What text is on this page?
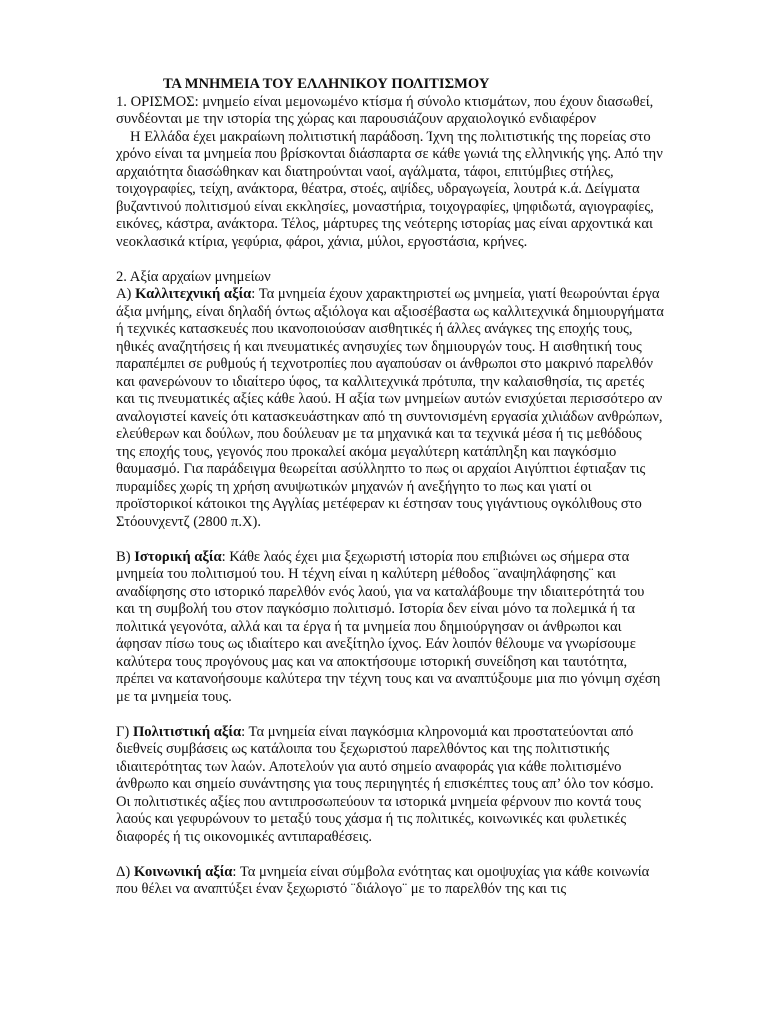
ΤΑ ΜΝΗΜΕΙΑ ΤΟΥ ΕΛΛΗΝΙΚΟΥ ΠΟΛΙΤΙΣΜΟΥ

1. ΟΡΙΣΜΟΣ: μνημείο είναι μεμονωμένο κτίσμα ή σύνολο κτισμάτων, που έχουν διασωθεί, συνδέονται με την ιστορία της χώρας και παρουσιάζουν αρχαιολογικό ενδιαφέρον

Η Ελλάδα έχει μακραίωνη πολιτιστική παράδοση. Ίχνη της πολιτιστικής της πορείας στο χρόνο είναι τα μνημεία που βρίσκονται διάσπαρτα σε κάθε γωνιά της ελληνικής γης. Από την αρχαιότητα διασώθηκαν και διατηρούνται ναοί, αγάλματα, τάφοι, επιτύμβιες στήλες, τοιχογραφίες, τείχη, ανάκτορα, θέατρα, στοές, αψίδες, υδραγωγεία, λουτρά κ.ά. Δείγματα βυζαντινού πολιτισμού είναι εκκλησίες, μοναστήρια, τοιχογραφίες, ψηφιδωτά, αγιογραφίες, εικόνες, κάστρα, ανάκτορα. Τέλος, μάρτυρες της νεότερης ιστορίας μας είναι αρχοντικά και νεοκλασικά κτίρια, γεφύρια, φάροι, χάνια, μύλοι, εργοστάσια, κρήνες.

2. Αξία αρχαίων μνημείων

Α) Καλλιτεχνική αξία: Τα μνημεία έχουν χαρακτηριστεί ως μνημεία, γιατί θεωρούνται έργα άξια μνήμης, είναι δηλαδή όντως αξιόλογα και αξιοσέβαστα ως καλλιτεχνικά δημιουργήματα ή τεχνικές κατασκευές που ικανοποιούσαν αισθητικές ή άλλες ανάγκες της εποχής τους, ηθικές αναζητήσεις ή και πνευματικές ανησυχίες των δημιουργών τους. Η αισθητική τους παραπέμπει σε ρυθμούς ή τεχνοτροπίες που αγαπούσαν οι άνθρωποι στο μακρινό παρελθόν και φανερώνουν το ιδιαίτερο ύφος, τα καλλιτεχνικά πρότυπα, την καλαισθησία, τις αρετές και τις πνευματικές αξίες κάθε λαού. Η αξία των μνημείων αυτών ενισχύεται περισσότερο αν αναλογιστεί κανείς ότι κατασκευάστηκαν από τη συντονισμένη εργασία χιλιάδων ανθρώπων, ελεύθερων και δούλων, που δούλευαν με τα μηχανικά και τα τεχνικά μέσα ή τις μεθόδους της εποχής τους, γεγονός που προκαλεί ακόμα μεγαλύτερη κατάπληξη και παγκόσμιο θαυμασμό. Για παράδειγμα θεωρείται ασύλληπτο το πως οι αρχαίοι Αιγύπτιοι έφτιαξαν τις πυραμίδες χωρίς τη χρήση ανυψωτικών μηχανών ή ανεξήγητο το πως και γιατί οι προϊστορικοί κάτοικοι της Αγγλίας μετέφεραν κι έστησαν τους γιγάντιους ογκόλιθους στο Στόουνχεντζ (2800 π.Χ).

Β) Ιστορική αξία: Κάθε λαός έχει μια ξεχωριστή ιστορία που επιβιώνει ως σήμερα στα μνημεία του πολιτισμού του. Η τέχνη είναι η καλύτερη μέθοδος ¨αναψηλάφησης¨ και αναδίφησης στο ιστορικό παρελθόν ενός λαού, για να καταλάβουμε την ιδιαιτερότητά του και τη συμβολή του στον παγκόσμιο πολιτισμό. Ιστορία δεν είναι μόνο τα πολεμικά ή τα πολιτικά γεγονότα, αλλά και τα έργα ή τα μνημεία που δημιούργησαν οι άνθρωποι και άφησαν πίσω τους ως ιδιαίτερο και ανεξίτηλο ίχνος. Εάν λοιπόν θέλουμε να γνωρίσουμε καλύτερα τους προγόνους μας και να αποκτήσουμε ιστορική συνείδηση και ταυτότητα, πρέπει να κατανοήσουμε καλύτερα την τέχνη τους και να αναπτύξουμε μια πιο γόνιμη σχέση με τα μνημεία τους.

Γ) Πολιτιστική αξία: Τα μνημεία είναι παγκόσμια κληρονομιά και προστατεύονται από διεθνείς συμβάσεις ως κατάλοιπα του ξεχωριστού παρελθόντος και της πολιτιστικής ιδιαιτερότητας των λαών. Αποτελούν για αυτό σημείο αναφοράς για κάθε πολιτισμένο άνθρωπο και σημείο συνάντησης για τους περιηγητές ή επισκέπτες τους απ’ όλο τον κόσμο. Οι πολιτιστικές αξίες που αντιπροσωπεύουν τα ιστορικά μνημεία φέρνουν πιο κοντά τους λαούς και γεφυρώνουν το μεταξύ τους χάσμα ή τις πολιτικές, κοινωνικές και φυλετικές διαφορές ή τις οικονομικές αντιπαραθέσεις.

Δ) Κοινωνική αξία: Τα μνημεία είναι σύμβολα ενότητας και ομοψυχίας για κάθε κοινωνία που θέλει να αναπτύξει έναν ξεχωριστό ¨διάλογο¨ με το παρελθόν της και τις
